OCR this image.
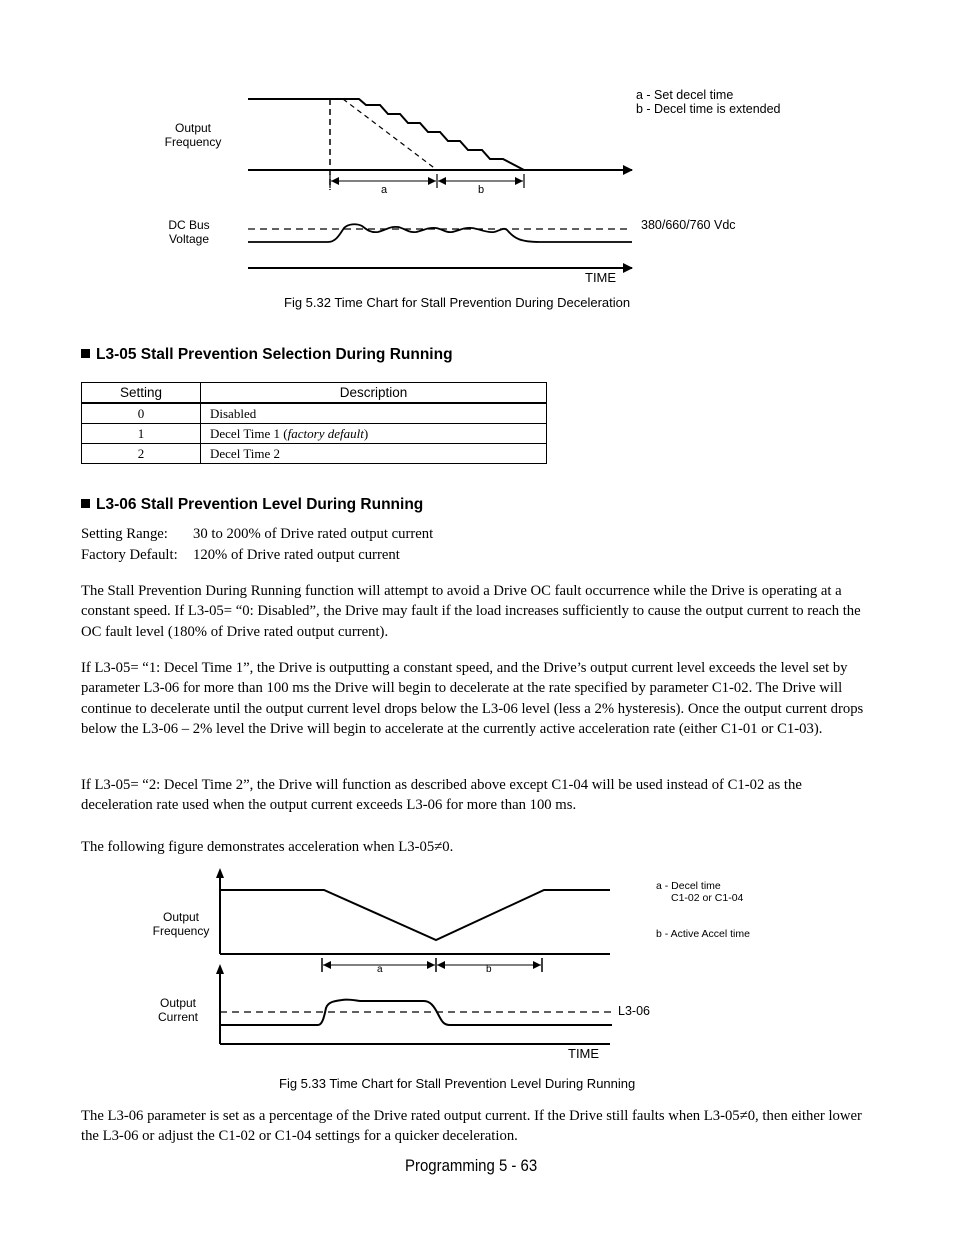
Output Frequency
DC Bus Voltage
a - Set decel time
b - Decel time is extended
380/660/760 Vdc
TIME
a	b
Fig 5.32 Time Chart for Stall Prevention During Deceleration
L3-05 Stall Prevention Selection During Running
Setting	Description
0	Disabled
1	Decel Time 1 (factory default)
2	Decel Time 2
L3-06 Stall Prevention Level During Running
Setting Range: 30 to 200% of Drive rated output current
Factory Default: 120% of Drive rated output current
The Stall Prevention During Running function will attempt to avoid a Drive OC fault occurrence while the Drive is operating at a constant speed. If L3-05= “0: Disabled”, the Drive may fault if the load increases sufficiently to cause the output current to reach the OC fault level (180% of Drive rated output current).
If L3-05= “1: Decel Time 1”, the Drive is outputting a constant speed, and the Drive’s output current level exceeds the level set by parameter L3-06 for more than 100 ms the Drive will begin to decelerate at the rate specified by parameter C1-02. The Drive will continue to decelerate until the output current level drops below the L3-06 level (less a 2% hysteresis). Once the output current drops below the L3-06 – 2% level the Drive will begin to accelerate at the currently active acceleration rate (either C1-01 or C1-03).
If L3-05= “2: Decel Time 2”, the Drive will function as described above except C1-04 will be used instead of C1-02 as the deceleration rate used when the output current exceeds L3-06 for more than 100 ms.
The following figure demonstrates acceleration when L3-05≠0.
Output Frequency
Output Current
a - Decel time
C1-02 or C1-04
b - Active Accel time
L3-06
TIME
a	b
Fig 5.33 Time Chart for Stall Prevention Level During Running
The L3-06 parameter is set as a percentage of the Drive rated output current. If the Drive still faults when L3-05≠0, then either lower the L3-06 or adjust the C1-02 or C1-04 settings for a quicker deceleration.
Programming 5 - 63
